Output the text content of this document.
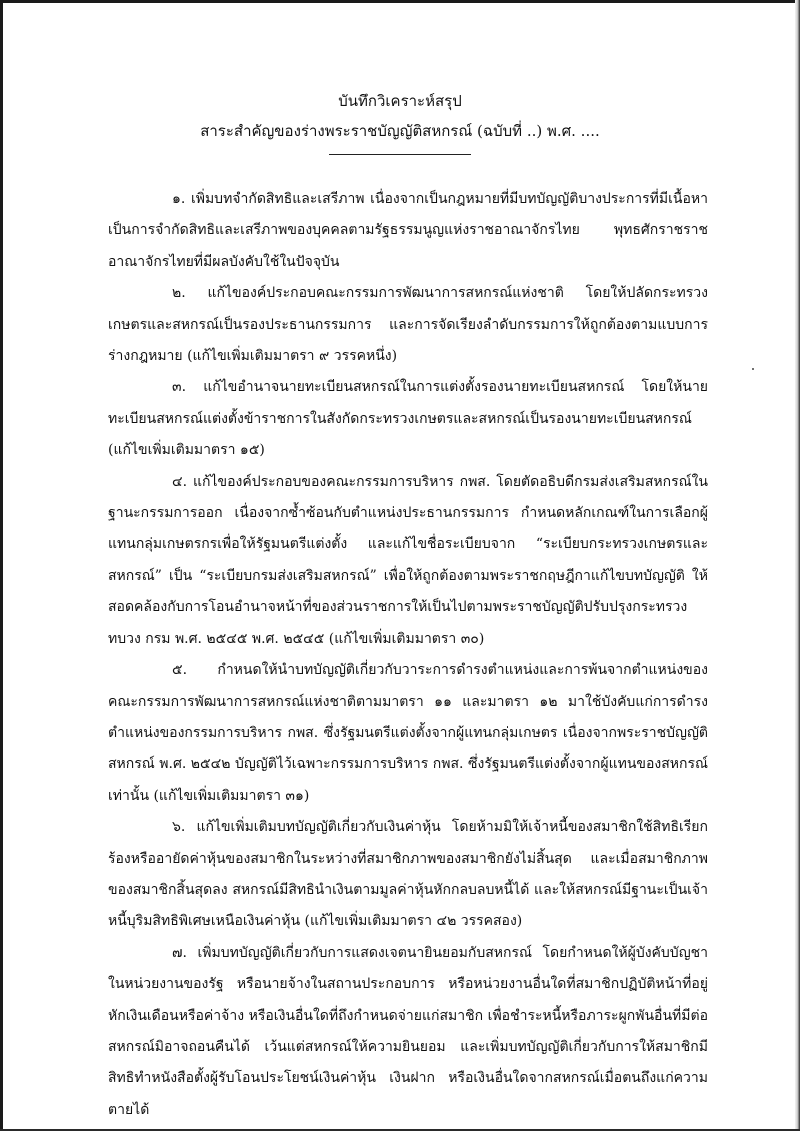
บันทึกวิเคราะห์สรุป
สาระสำคัญของร่างพระราชบัญญัติสหกรณ์ (ฉบับที่ ..) พ.ศ. ....

๑. เพิ่มบทจำกัดสิทธิและเสรีภาพ เนื่องจากเป็นกฎหมายที่มีบทบัญญัติบางประการที่มีเนื้อหาเป็นการจำกัดสิทธิและเสรีภาพของบุคคลตามรัฐธรรมนูญแห่งราชอาณาจักรไทย พุทธศักราชราชอาณาจักรไทยที่มีผลบังคับใช้ในปัจจุบัน

๒. แก้ไของค์ประกอบคณะกรรมการพัฒนาการสหกรณ์แห่งชาติ โดยให้ปลัดกระทรวงเกษตรและสหกรณ์เป็นรองประธานกรรมการ และการจัดเรียงลำดับกรรมการให้ถูกต้องตามแบบการร่างกฎหมาย (แก้ไขเพิ่มเติมมาตรา ๙ วรรคหนึ่ง)

๓. แก้ไขอำนาจนายทะเบียนสหกรณ์ในการแต่งตั้งรองนายทะเบียนสหกรณ์ โดยให้นายทะเบียนสหกรณ์แต่งตั้งข้าราชการในสังกัดกระทรวงเกษตรและสหกรณ์เป็นรองนายทะเบียนสหกรณ์ (แก้ไขเพิ่มเติมมาตรา ๑๕)

๔. แก้ไของค์ประกอบของคณะกรรมการบริหาร กพส. โดยตัดอธิบดีกรมส่งเสริมสหกรณ์ในฐานะกรรมการออก เนื่องจากซ้ำซ้อนกับตำแหน่งประธานกรรมการ กำหนดหลักเกณฑ์ในการเลือกผู้แทนกลุ่มเกษตรกรเพื่อให้รัฐมนตรีแต่งตั้ง และแก้ไขชื่อระเบียบจาก “ระเบียบกระทรวงเกษตรและสหกรณ์” เป็น “ระเบียบกรมส่งเสริมสหกรณ์” เพื่อให้ถูกต้องตามพระราชกฤษฎีกาแก้ไขบทบัญญัติ ให้สอดคล้องกับการโอนอำนาจหน้าที่ของส่วนราชการให้เป็นไปตามพระราชบัญญัติปรับปรุงกระทรวง ทบวง กรม พ.ศ. ๒๕๔๕ พ.ศ. ๒๕๔๕ (แก้ไขเพิ่มเติมมาตรา ๓๐)

๕. กำหนดให้นำบทบัญญัติเกี่ยวกับวาระการดำรงตำแหน่งและการพ้นจากตำแหน่งของคณะกรรมการพัฒนาการสหกรณ์แห่งชาติตามมาตรา ๑๑ และมาตรา ๑๒ มาใช้บังคับแก่การดำรงตำแหน่งของกรรมการบริหาร กพส. ซึ่งรัฐมนตรีแต่งตั้งจากผู้แทนกลุ่มเกษตร เนื่องจากพระราชบัญญัติสหกรณ์ พ.ศ. ๒๕๔๒ บัญญัติไว้เฉพาะกรรมการบริหาร กพส. ซึ่งรัฐมนตรีแต่งตั้งจากผู้แทนของสหกรณ์เท่านั้น (แก้ไขเพิ่มเติมมาตรา ๓๑)

๖. แก้ไขเพิ่มเติมบทบัญญัติเกี่ยวกับเงินค่าหุ้น โดยห้ามมิให้เจ้าหนี้ของสมาชิกใช้สิทธิเรียกร้องหรืออายัดค่าหุ้นของสมาชิกในระหว่างที่สมาชิกภาพของสมาชิกยังไม่สิ้นสุด และเมื่อสมาชิกภาพของสมาชิกสิ้นสุดลง สหกรณ์มีสิทธินำเงินตามมูลค่าหุ้นหักกลบลบหนี้ได้ และให้สหกรณ์มีฐานะเป็นเจ้าหนี้บุริมสิทธิพิเศษเหนือเงินค่าหุ้น (แก้ไขเพิ่มเติมมาตรา ๔๒ วรรคสอง)

๗. เพิ่มบทบัญญัติเกี่ยวกับการแสดงเจตนายินยอมกับสหกรณ์ โดยกำหนดให้ผู้บังคับบัญชาในหน่วยงานของรัฐ หรือนายจ้างในสถานประกอบการ หรือหน่วยงานอื่นใดที่สมาชิกปฏิบัติหน้าที่อยู่หักเงินเดือนหรือค่าจ้าง หรือเงินอื่นใดที่ถึงกำหนดจ่ายแก่สมาชิก เพื่อชำระหนี้หรือภาระผูกพันอื่นที่มีต่อสหกรณ์มิอาจถอนคืนได้ เว้นแต่สหกรณ์ให้ความยินยอม และเพิ่มบทบัญญัติเกี่ยวกับการให้สมาชิกมีสิทธิทำหนังสือตั้งผู้รับโอนประโยชน์เงินค่าหุ้น เงินฝาก หรือเงินอื่นใดจากสหกรณ์เมื่อตนถึงแก่ความตายได้
